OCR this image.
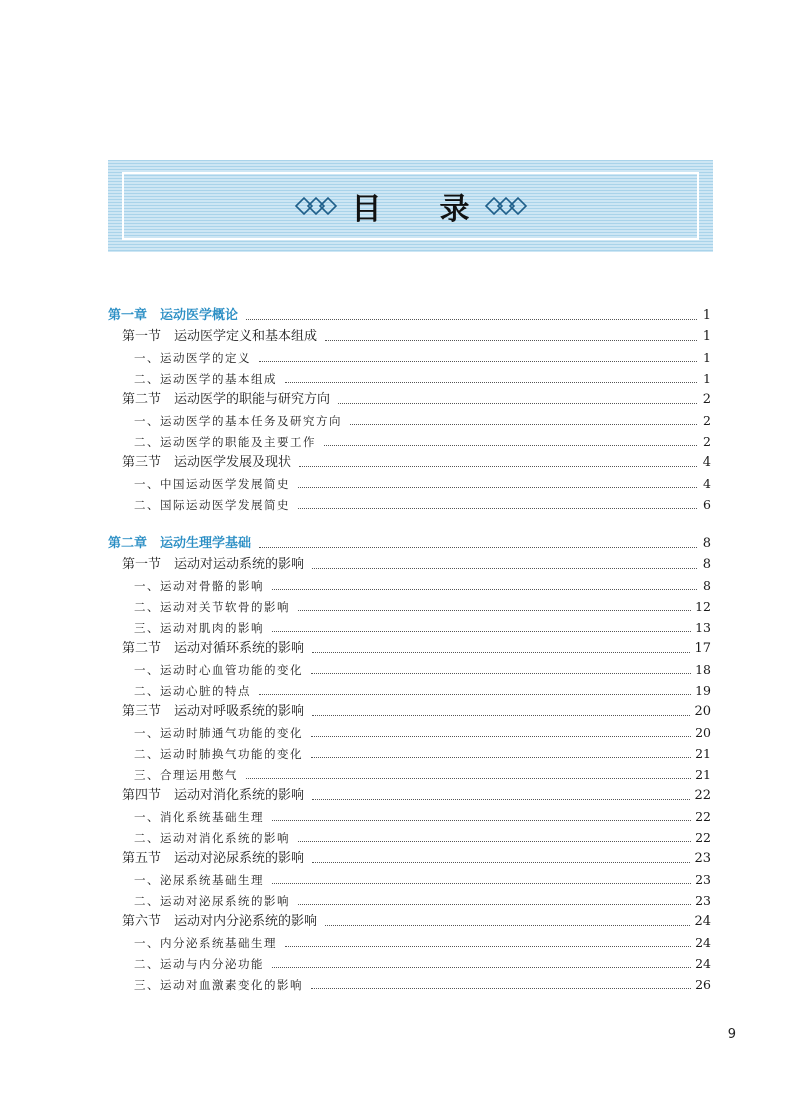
目 录
第一章　运动医学概论	1
第一节　运动医学定义和基本组成	1
一、运动医学的定义	1
二、运动医学的基本组成	1
第二节　运动医学的职能与研究方向	2
一、运动医学的基本任务及研究方向	2
二、运动医学的职能及主要工作	2
第三节　运动医学发展及现状	4
一、中国运动医学发展简史	4
二、国际运动医学发展简史	6
第二章　运动生理学基础	8
第一节　运动对运动系统的影响	8
一、运动对骨骼的影响	8
二、运动对关节软骨的影响	12
三、运动对肌肉的影响	13
第二节　运动对循环系统的影响	17
一、运动时心血管功能的变化	18
二、运动心脏的特点	19
第三节　运动对呼吸系统的影响	20
一、运动时肺通气功能的变化	20
二、运动时肺换气功能的变化	21
三、合理运用憋气	21
第四节　运动对消化系统的影响	22
一、消化系统基础生理	22
二、运动对消化系统的影响	22
第五节　运动对泌尿系统的影响	23
一、泌尿系统基础生理	23
二、运动对泌尿系统的影响	23
第六节　运动对内分泌系统的影响	24
一、内分泌系统基础生理	24
二、运动与内分泌功能	24
三、运动对血激素变化的影响	26
9
